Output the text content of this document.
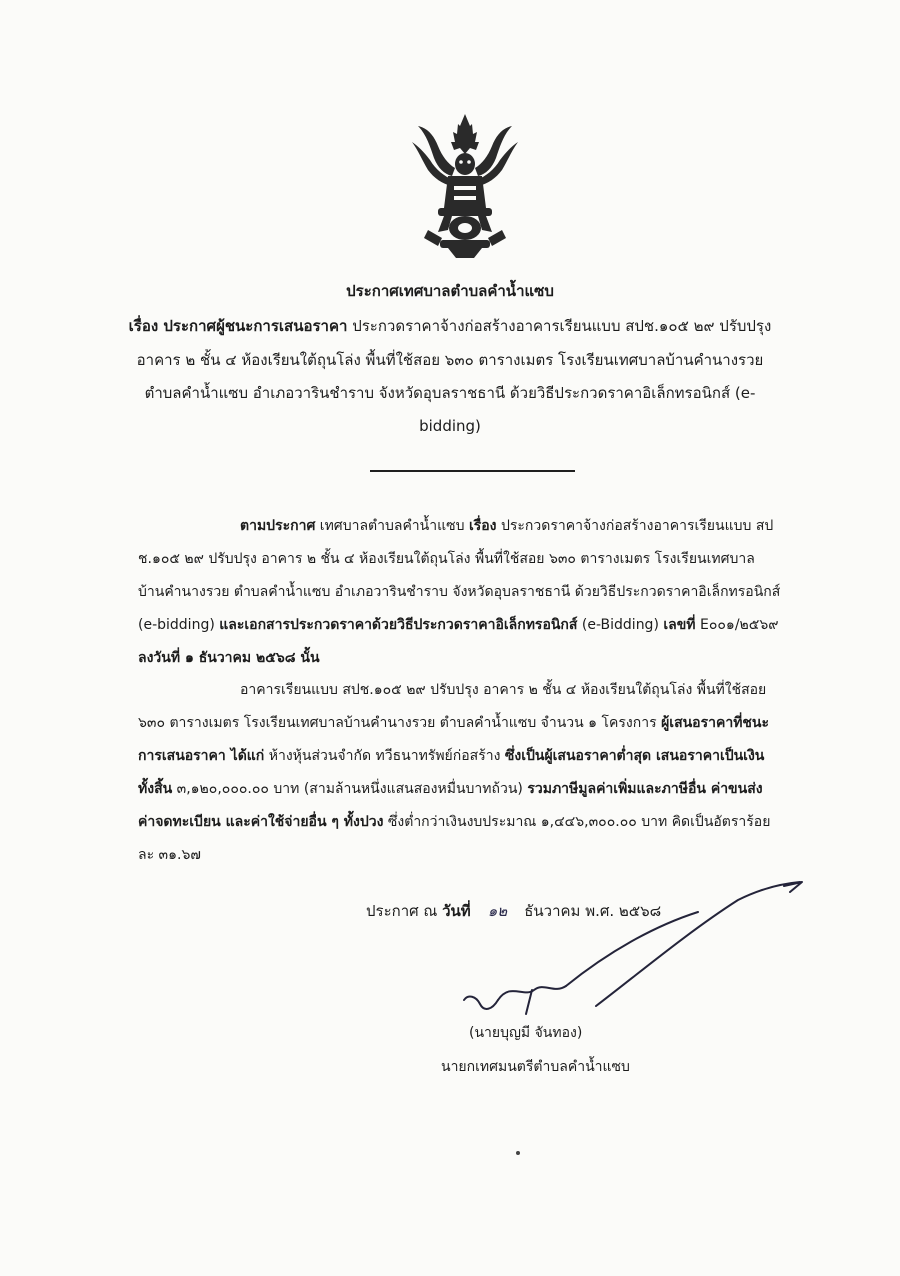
ประกาศเทศบาลตำบลคำน้ำแซบ
เรื่อง ประกาศผู้ชนะการเสนอราคา ประกวดราคาจ้างก่อสร้างอาคารเรียนแบบ สปช.๑๐๕ ๒๙ ปรับปรุง
อาคาร ๒ ชั้น ๔ ห้องเรียนใต้ถุนโล่ง พื้นที่ใช้สอย ๖๓๐ ตารางเมตร โรงเรียนเทศบาลบ้านคำนางรวย
ตำบลคำน้ำแซบ อำเภอวารินชำราบ จังหวัดอุบลราชธานี ด้วยวิธีประกวดราคาอิเล็กทรอนิกส์ (e-
bidding)
ตามประกาศ เทศบาลตำบลคำน้ำแซบ เรื่อง ประกวดราคาจ้างก่อสร้างอาคารเรียนแบบ สป
ช.๑๐๕ ๒๙ ปรับปรุง อาคาร ๒ ชั้น ๔ ห้องเรียนใต้ถุนโล่ง พื้นที่ใช้สอย ๖๓๐ ตารางเมตร โรงเรียนเทศบาล
บ้านคำนางรวย ตำบลคำน้ำแซบ อำเภอวารินชำราบ จังหวัดอุบลราชธานี ด้วยวิธีประกวดราคาอิเล็กทรอนิกส์
(e-bidding) และเอกสารประกวดราคาด้วยวิธีประกวดราคาอิเล็กทรอนิกส์ (e-Bidding) เลขที่ E๐๐๑/๒๕๖๙
ลงวันที่ ๑ ธันวาคม ๒๕๖๘ นั้น
อาคารเรียนแบบ สปช.๑๐๕ ๒๙ ปรับปรุง อาคาร ๒ ชั้น ๔ ห้องเรียนใต้ถุนโล่ง พื้นที่ใช้สอย
๖๓๐ ตารางเมตร โรงเรียนเทศบาลบ้านคำนางรวย ตำบลคำน้ำแซบ จำนวน ๑ โครงการ ผู้เสนอราคาที่ชนะ
การเสนอราคา ได้แก่ ห้างหุ้นส่วนจำกัด ทวีธนาทรัพย์ก่อสร้าง ซึ่งเป็นผู้เสนอราคาต่ำสุด เสนอราคาเป็นเงิน
ทั้งสิ้น ๓,๑๒๐,๐๐๐.๐๐ บาท (สามล้านหนึ่งแสนสองหมื่นบาทถ้วน) รวมภาษีมูลค่าเพิ่มและภาษีอื่น ค่าขนส่ง
ค่าจดทะเบียน และค่าใช้จ่ายอื่น ๆ ทั้งปวง ซึ่งต่ำกว่าเงินงบประมาณ ๑,๔๔๖,๓๐๐.๐๐ บาท คิดเป็นอัตราร้อย
ละ ๓๑.๖๗
ประกาศ ณ วันที่ ๑๒ ธันวาคม พ.ศ. ๒๕๖๘
(นายบุญมี จันทอง)
นายกเทศมนตรีตำบลคำน้ำแซบ
